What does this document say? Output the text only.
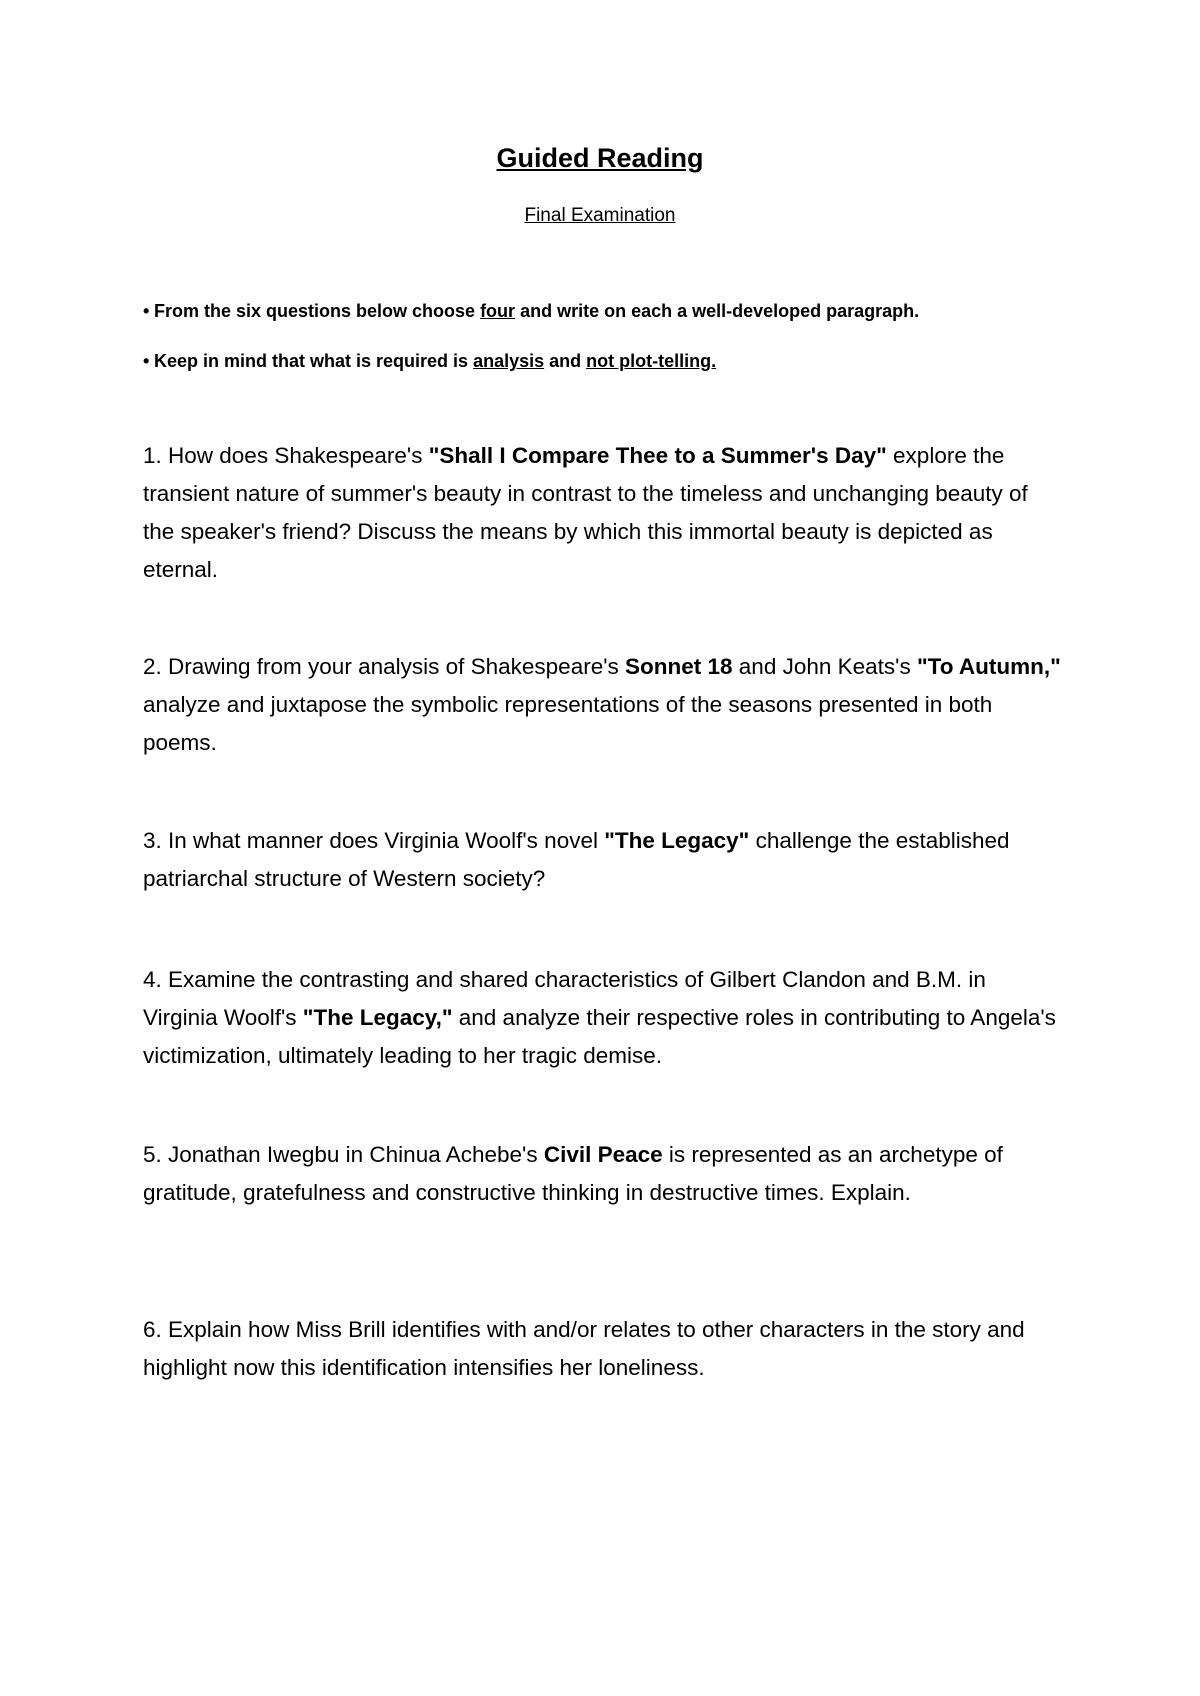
Guided Reading
Final Examination
• From the six questions below choose four and write on each a well-developed paragraph.
• Keep in mind that what is required is analysis and not plot-telling.
1. How does Shakespeare's "Shall I Compare Thee to a Summer's Day" explore the transient nature of summer's beauty in contrast to the timeless and unchanging beauty of the speaker's friend? Discuss the means by which this immortal beauty is depicted as eternal.
2. Drawing from your analysis of Shakespeare's Sonnet 18 and John Keats's "To Autumn," analyze and juxtapose the symbolic representations of the seasons presented in both poems.
3. In what manner does Virginia Woolf's novel "The Legacy" challenge the established patriarchal structure of Western society?
4. Examine the contrasting and shared characteristics of Gilbert Clandon and B.M. in Virginia Woolf's "The Legacy," and analyze their respective roles in contributing to Angela's victimization, ultimately leading to her tragic demise.
5. Jonathan Iwegbu in Chinua Achebe's Civil Peace is represented as an archetype of gratitude, gratefulness and constructive thinking in destructive times. Explain.
6. Explain how Miss Brill identifies with and/or relates to other characters in the story and highlight now this identification intensifies her loneliness.
